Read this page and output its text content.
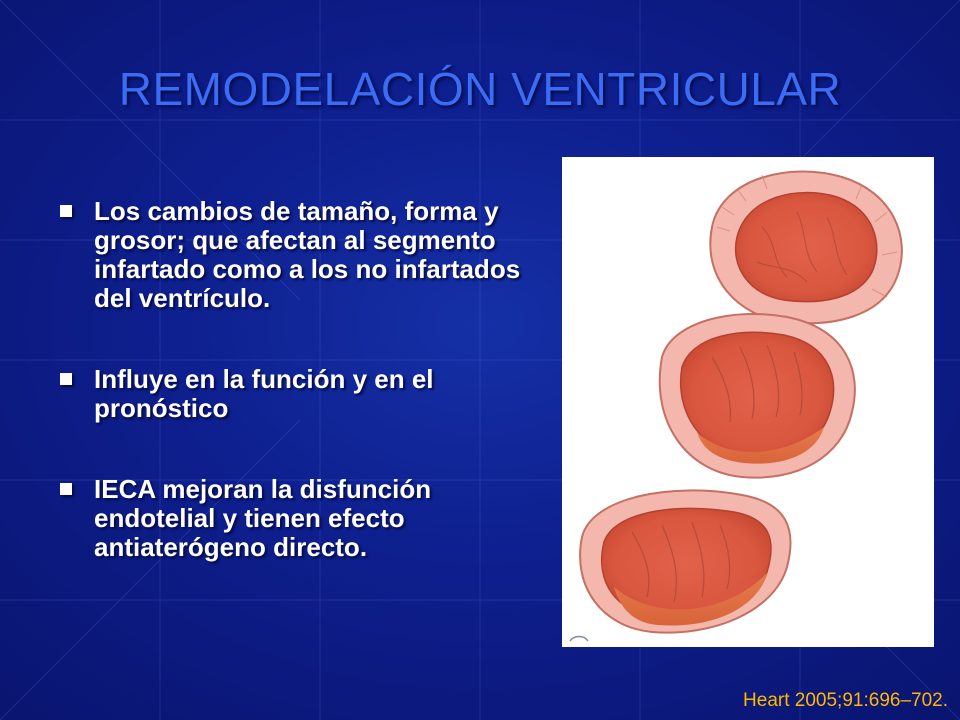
REMODELACIÓN VENTRICULAR
Los cambios de tamaño, forma y grosor; que afectan al segmento infartado como a los no infartados del ventrículo.
Influye en la función y en el pronóstico
IECA mejoran la disfunción endotelial y tienen efecto antiaterógeno directo.
Heart 2005;91:696–702.
